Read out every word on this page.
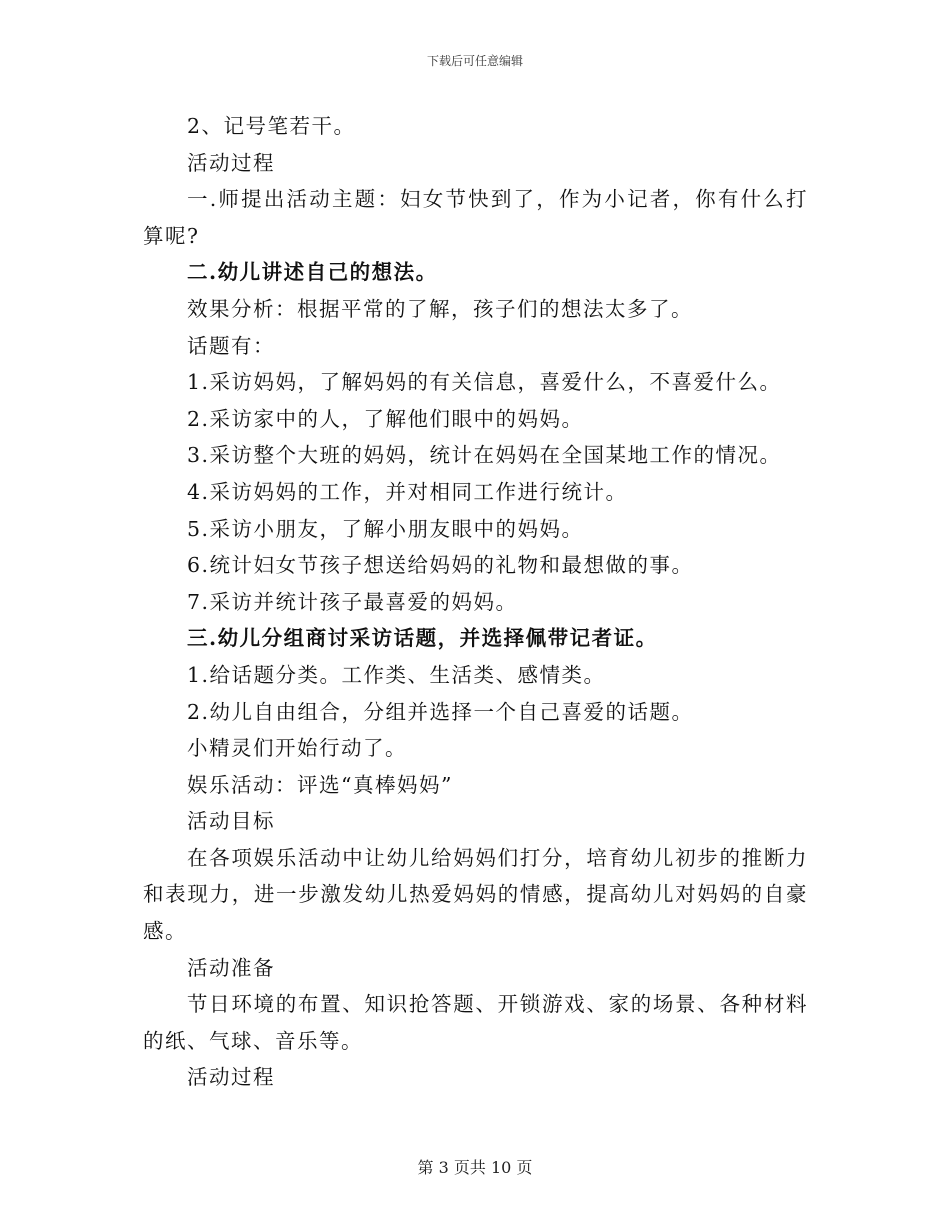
下载后可任意编辑

2、记号笔若干。

活动过程

一.师提出活动主题：妇女节快到了，作为小记者，你有什么打算呢?

二.幼儿讲述自己的想法。

效果分析：根据平常的了解，孩子们的想法太多了。

话题有：

1.采访妈妈，了解妈妈的有关信息，喜爱什么，不喜爱什么。

2.采访家中的人，了解他们眼中的妈妈。

3.采访整个大班的妈妈，统计在妈妈在全国某地工作的情况。

4.采访妈妈的工作，并对相同工作进行统计。

5.采访小朋友，了解小朋友眼中的妈妈。

6.统计妇女节孩子想送给妈妈的礼物和最想做的事。

7.采访并统计孩子最喜爱的妈妈。

三.幼儿分组商讨采访话题，并选择佩带记者证。

1.给话题分类。工作类、生活类、感情类。

2.幼儿自由组合，分组并选择一个自己喜爱的话题。

小精灵们开始行动了。

娱乐活动：评选“真棒妈妈”

活动目标

在各项娱乐活动中让幼儿给妈妈们打分，培育幼儿初步的推断力和表现力，进一步激发幼儿热爱妈妈的情感，提高幼儿对妈妈的自豪感。

活动准备

节日环境的布置、知识抢答题、开锁游戏、家的场景、各种材料的纸、气球、音乐等。

活动过程

第 3 页共 10 页
